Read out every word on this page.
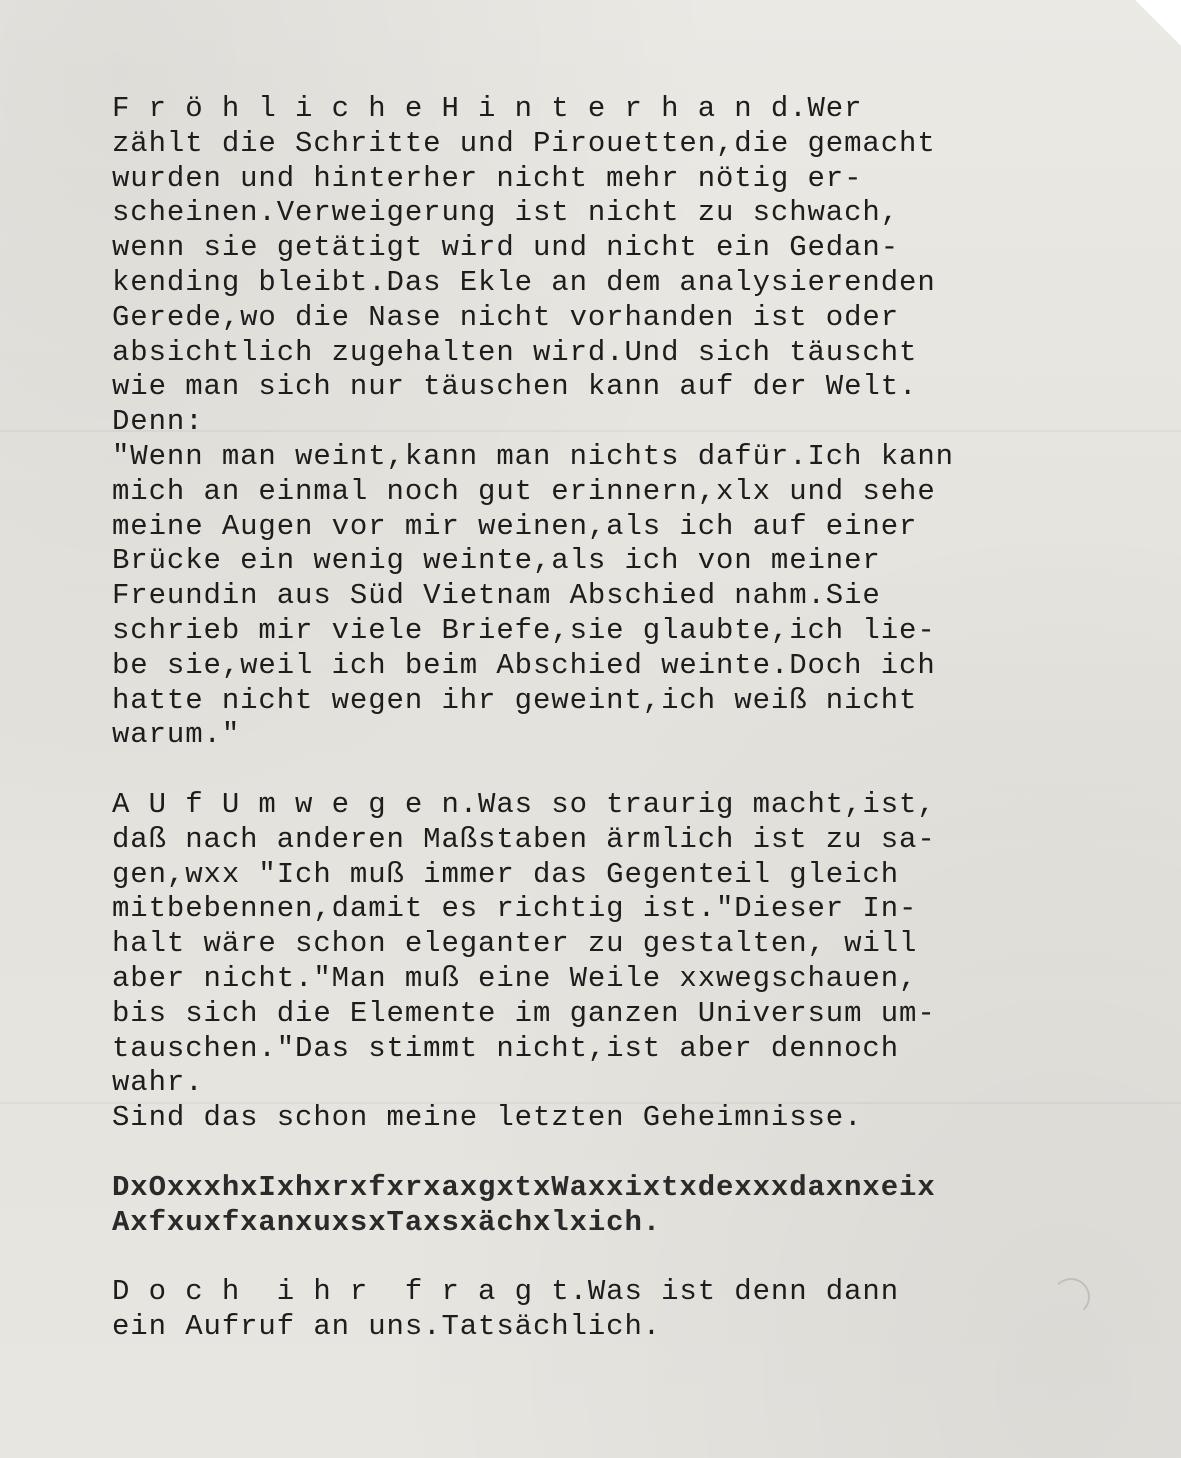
F r ö h l i c h e H i n t e r h a n d.Wer
zählt die Schritte und Pirouetten,die gemacht
wurden und hinterher nicht mehr nötig er-
scheinen.Verweigerung ist nicht zu schwach,
wenn sie getätigt wird und nicht ein Gedan-
kending bleibt.Das Ekle an dem analysierenden
Gerede,wo die Nase nicht vorhanden ist oder
absichtlich zugehalten wird.Und sich täuscht
wie man sich nur täuschen kann auf der Welt.
Denn:
"Wenn man weint,kann man nichts dafür.Ich kann
mich an einmal noch gut erinnern,xlx und sehe
meine Augen vor mir weinen,als ich auf einer
Brücke ein wenig weinte,als ich von meiner
Freundin aus Süd Vietnam Abschied nahm.Sie
schrieb mir viele Briefe,sie glaubte,ich lie-
be sie,weil ich beim Abschied weinte.Doch ich
hatte nicht wegen ihr geweint,ich weiß nicht
warum."
A U f U m w e g e n.Was so traurig macht,ist,
daß nach anderen Maßstaben ärmlich ist zu sa-
gen,wxx "Ich muß immer das Gegenteil gleich
mitbebennen,damit es richtig ist."Dieser In-
halt wäre schon eleganter zu gestalten, will
aber nicht."Man muß eine Weile xxwegschauen,
bis sich die Elemente im ganzen Universum um-
tauschen."Das stimmt nicht,ist aber dennoch
wahr.
Sind das schon meine letzten Geheimnisse.
DxOxxxhxIxhxrxfxrxaxgxtxWaxxixtxdexxxdaxnxeix
AxfxuxfxanxuxsxTaxsxächxlxich.
D o c h  i h r  f r a g t.Was ist denn dann
ein Aufruf an uns.Tatsächlich.
